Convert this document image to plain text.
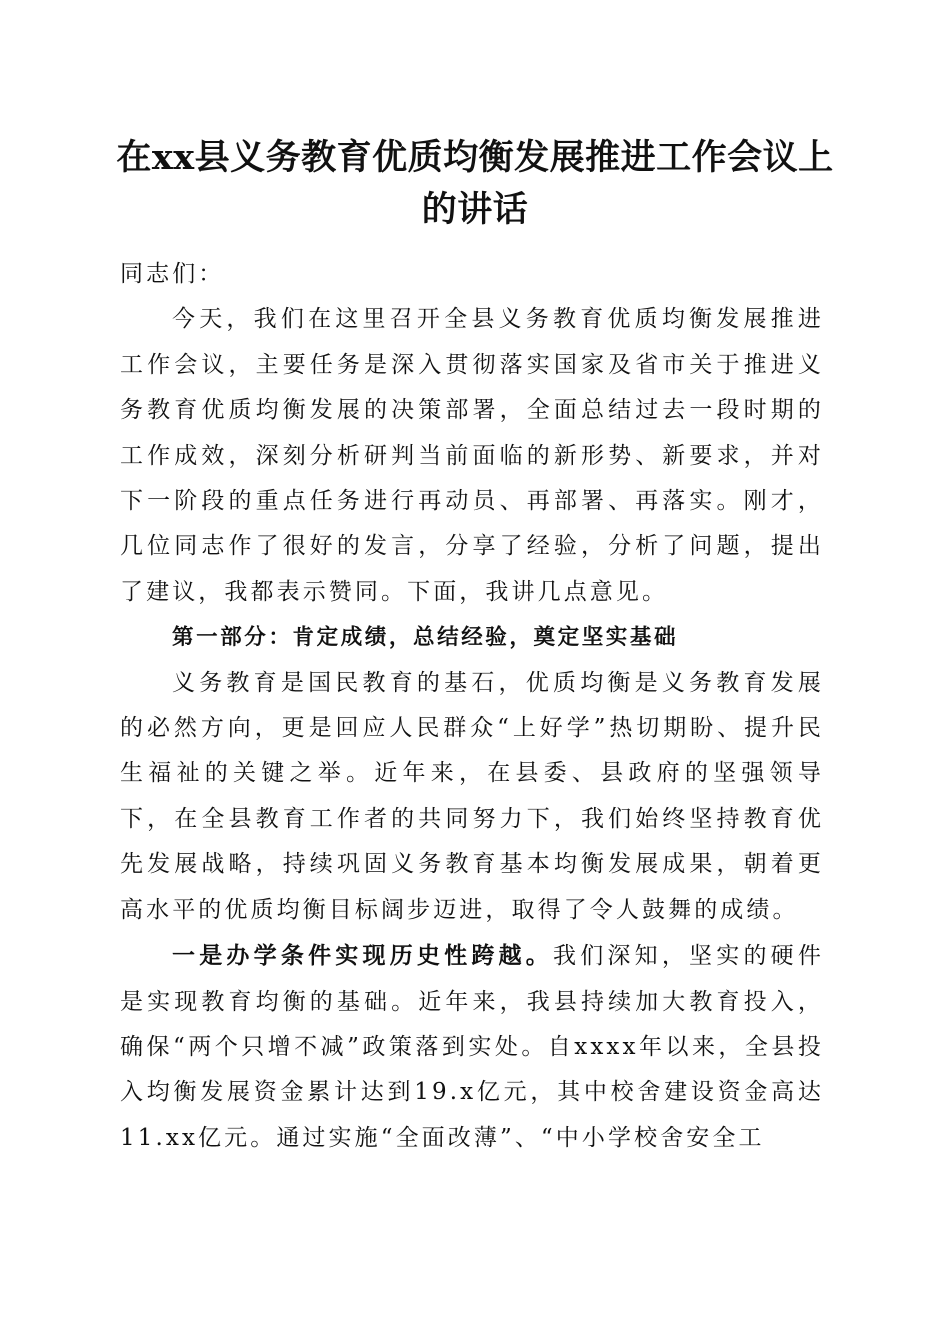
在xx县义务教育优质均衡发展推进工作会议上的讲话

同志们：

今天，我们在这里召开全县义务教育优质均衡发展推进工作会议，主要任务是深入贯彻落实国家及省市关于推进义务教育优质均衡发展的决策部署，全面总结过去一段时期的工作成效，深刻分析研判当前面临的新形势、新要求，并对下一阶段的重点任务进行再动员、再部署、再落实。刚才，几位同志作了很好的发言，分享了经验，分析了问题，提出了建议，我都表示赞同。下面，我讲几点意见。

第一部分：肯定成绩，总结经验，奠定坚实基础

义务教育是国民教育的基石，优质均衡是义务教育发展的必然方向，更是回应人民群众“上好学”热切期盼、提升民生福祉的关键之举。近年来，在县委、县政府的坚强领导下，在全县教育工作者的共同努力下，我们始终坚持教育优先发展战略，持续巩固义务教育基本均衡发展成果，朝着更高水平的优质均衡目标阔步迈进，取得了令人鼓舞的成绩。

一是办学条件实现历史性跨越。我们深知，坚实的硬件是实现教育均衡的基础。近年来，我县持续加大教育投入，确保“两个只增不减”政策落到实处。自xxxx年以来，全县投入均衡发展资金累计达到19.x亿元，其中校舍建设资金高达11.xx亿元。通过实施“全面改薄”、“中小学校舍安全工
